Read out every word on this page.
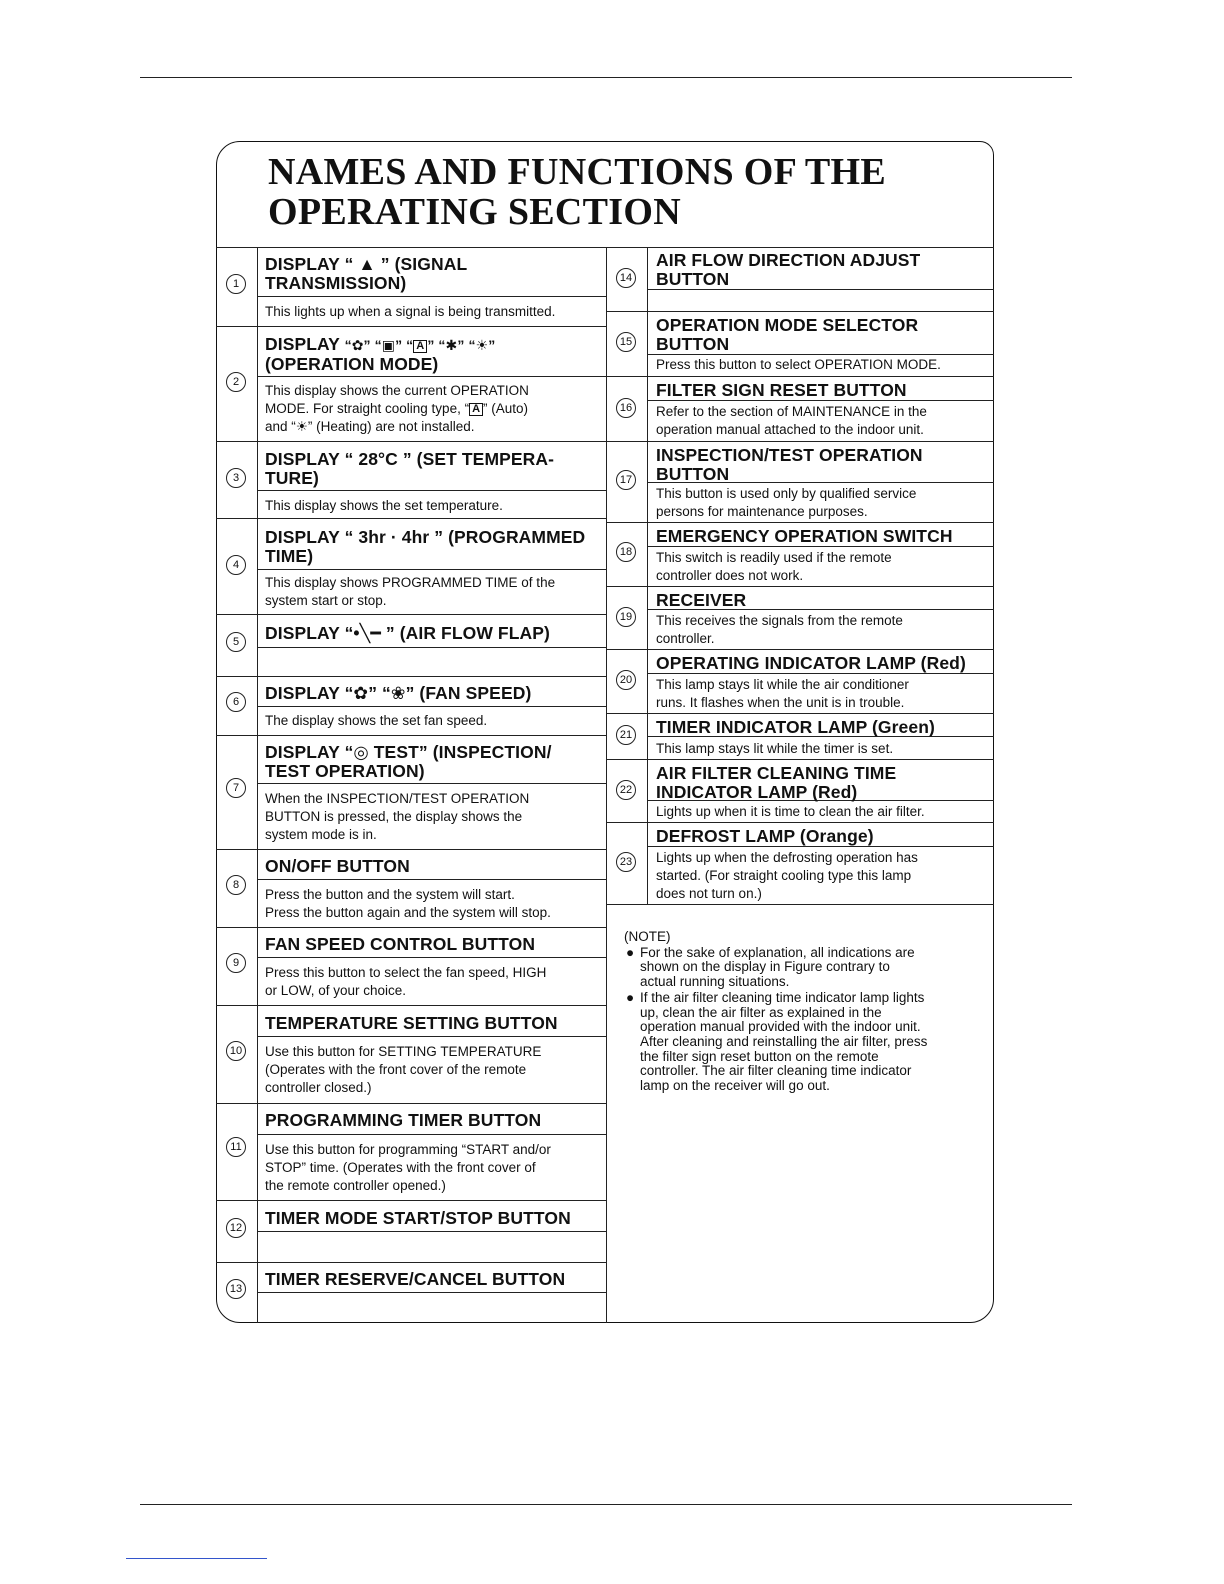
NAMES AND FUNCTIONS OF THE
OPERATING SECTION
1
DISPLAY “ ▲ ” (SIGNAL
TRANSMISSION)
This lights up when a signal is being transmitted.
2
DISPLAY “✿” “▣” “ A ” “✱” “☀”
(OPERATION MODE)
This display shows the current OPERATION
MODE. For straight cooling type, “ A ” (Auto)
and “☀” (Heating) are not installed.
3
DISPLAY “ 28°C ” (SET TEMPERA-
TURE)
This display shows the set temperature.
4
DISPLAY “ 3hr · 4hr ” (PROGRAMMED
TIME)
This display shows PROGRAMMED TIME of the
system start or stop.
5	DISPLAY “•╲━ ” (AIR FLOW FLAP)
6	DISPLAY “✿” “❀” (FAN SPEED)
The display shows the set fan speed.
7
DISPLAY “◎ TEST” (INSPECTION/
TEST OPERATION)
When the INSPECTION/TEST OPERATION
BUTTON is pressed, the display shows the
system mode is in.
8
ON/OFF BUTTON
Press the button and the system will start.
Press the button again and the system will stop.
9
FAN SPEED CONTROL BUTTON
Press this button to select the fan speed, HIGH
or LOW, of your choice.
10
TEMPERATURE SETTING BUTTON
Use this button for SETTING TEMPERATURE
(Operates with the front cover of the remote
controller closed.)
11
PROGRAMMING TIMER BUTTON
Use this button for programming “START and/or
STOP” time. (Operates with the front cover of
the remote controller opened.)
12 TIMER MODE START/STOP BUTTON
13 TIMER RESERVE/CANCEL BUTTON
14
AIR FLOW DIRECTION ADJUST
BUTTON
15
OPERATION MODE SELECTOR
BUTTON
Press this button to select OPERATION MODE.
16
FILTER SIGN RESET BUTTON
Refer to the section of MAINTENANCE in the
operation manual attached to the indoor unit.
17
INSPECTION/TEST OPERATION
BUTTON
This button is used only by qualified service
persons for maintenance purposes.
18
EMERGENCY OPERATION SWITCH
This switch is readily used if the remote
controller does not work.
19
RECEIVER
This receives the signals from the remote
controller.
20
OPERATING INDICATOR LAMP (Red)
This lamp stays lit while the air conditioner
runs. It flashes when the unit is in trouble.
21 TIMER INDICATOR LAMP (Green)
This lamp stays lit while the timer is set.
22
AIR FILTER CLEANING TIME
INDICATOR LAMP (Red)
Lights up when it is time to clean the air filter.
23
DEFROST LAMP (Orange)
Lights up when the defrosting operation has
started. (For straight cooling type this lamp
does not turn on.)
(NOTE)
● For the sake of explanation, all indications are
shown on the display in Figure contrary to
actual running situations.
● If the air filter cleaning time indicator lamp lights
up, clean the air filter as explained in the
operation manual provided with the indoor unit.
After cleaning and reinstalling the air filter, press
the filter sign reset button on the remote
controller. The air filter cleaning time indicator
lamp on the receiver will go out.
